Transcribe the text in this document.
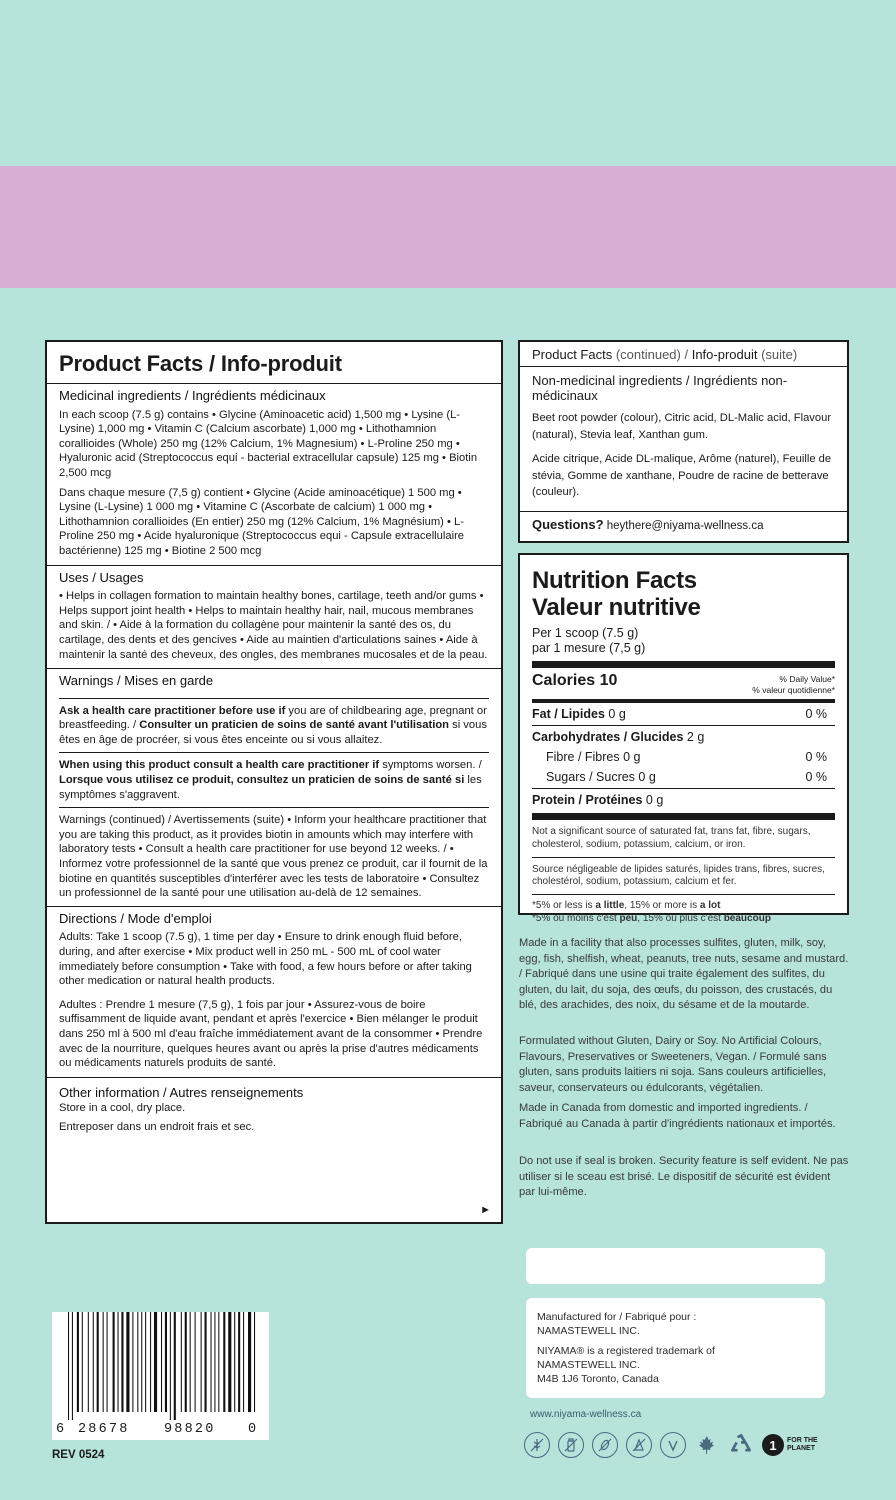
Product Facts / Info-produit
Medicinal ingredients / Ingrédients médicinaux
In each scoop (7.5 g) contains • Glycine (Aminoacetic acid) 1,500 mg • Lysine (L-Lysine) 1,000 mg • Vitamin C (Calcium ascorbate) 1,000 mg • Lithothamnion corallioides (Whole) 250 mg (12% Calcium, 1% Magnesium) • L-Proline 250 mg • Hyaluronic acid (Streptococcus equi - bacterial extracellular capsule) 125 mg • Biotin 2,500 mcg
Dans chaque mesure (7,5 g) contient • Glycine (Acide aminoacétique) 1 500 mg • Lysine (L-Lysine) 1 000 mg • Vitamine C (Ascorbate de calcium) 1 000 mg • Lithothamnion corallioides (En entier) 250 mg (12% Calcium, 1% Magnésium) • L-Proline 250 mg • Acide hyaluronique (Streptococcus equi - Capsule extracellulaire bactérienne) 125 mg • Biotine 2 500 mcg
Uses / Usages
• Helps in collagen formation to maintain healthy bones, cartilage, teeth and/or gums • Helps support joint health • Helps to maintain healthy hair, nail, mucous membranes and skin. / • Aide à la formation du collagène pour maintenir la santé des os, du cartilage, des dents et des gencives • Aide au maintien d'articulations saines • Aide à maintenir la santé des cheveux, des ongles, des membranes mucosales et de la peau.
Warnings / Mises en garde
Ask a health care practitioner before use if you are of childbearing age, pregnant or breastfeeding. / Consulter un praticien de soins de santé avant l'utilisation si vous êtes en âge de procréer, si vous êtes enceinte ou si vous allaitez.
When using this product consult a health care practitioner if symptoms worsen. / Lorsque vous utilisez ce produit, consultez un praticien de soins de santé si les symptômes s'aggravent.
Warnings (continued) / Avertissements (suite) • Inform your healthcare practitioner that you are taking this product, as it provides biotin in amounts which may interfere with laboratory tests • Consult a health care practitioner for use beyond 12 weeks. / • Informez votre professionnel de la santé que vous prenez ce produit, car il fournit de la biotine en quantités susceptibles d'interférer avec les tests de laboratoire • Consultez un professionnel de la santé pour une utilisation au-delà de 12 semaines.
Directions / Mode d'emploi
Adults: Take 1 scoop (7.5 g), 1 time per day • Ensure to drink enough fluid before, during, and after exercise • Mix product well in 250 mL - 500 mL of cool water immediately before consumption • Take with food, a few hours before or after taking other medication or natural health products.
Adultes : Prendre 1 mesure (7,5 g), 1 fois par jour • Assurez-vous de boire suffisamment de liquide avant, pendant et après l'exercice • Bien mélanger le produit dans 250 ml à 500 ml d'eau fraîche immédiatement avant de la consommer • Prendre avec de la nourriture, quelques heures avant ou après la prise d'autres médicaments ou médicaments naturels produits de santé.
Other information / Autres renseignements
Store in a cool, dry place.
Entreposer dans un endroit frais et sec.
►
Product Facts (continued) / Info-produit (suite)
Non-medicinal ingredients / Ingrédients non-médicinaux
Beet root powder (colour), Citric acid, DL-Malic acid, Flavour (natural), Stevia leaf, Xanthan gum.
Acide citrique, Acide DL-malique, Arôme (naturel), Feuille de stévia, Gomme de xanthane, Poudre de racine de betterave (couleur).
Questions? heythere@niyama-wellness.ca
Nutrition Facts
Valeur nutritive
Per 1 scoop (7.5 g)
par 1 mesure (7,5 g)
Calories 10	% Daily Value*
% valeur quotidienne*
Fat / Lipides 0 g	0 %
Carbohydrates / Glucides 2 g
Fibre / Fibres 0 g	0 %
Sugars / Sucres 0 g	0 %
Protein / Protéines 0 g
Not a significant source of saturated fat, trans fat, fibre, sugars, cholesterol, sodium, potassium, calcium, or iron.
Source négligeable de lipides saturés, lipides trans, fibres, sucres, cholestérol, sodium, potassium, calcium et fer.
*5% or less is a little, 15% or more is a lot
*5% ou moins c'est peu, 15% ou plus c'est beaucoup
Made in a facility that also processes sulfites, gluten, milk, soy, egg, fish, shelfish, wheat, peanuts, tree nuts, sesame and mustard. / Fabriqué dans une usine qui traite également des sulfites, du gluten, du lait, du soja, des œufs, du poisson, des crustacés, du blé, des arachides, des noix, du sésame et de la moutarde.
Formulated without Gluten, Dairy or Soy. No Artificial Colours, Flavours, Preservatives or Sweeteners, Vegan. / Formulé sans gluten, sans produits laitiers ni soja. Sans couleurs artificielles, saveur, conservateurs ou édulcorants, végétalien.
Made in Canada from domestic and imported ingredients. / Fabriqué au Canada à partir d'ingrédients nationaux et importés.
Do not use if seal is broken. Security feature is self evident. Ne pas utiliser si le sceau est brisé. Le dispositif de sécurité est évident par lui-même.
Manufactured for / Fabriqué pour :
NAMASTEWELL INC.
NIYAMA® is a registered trademark of
NAMASTEWELL INC.
M4B 1J6 Toronto, Canada
www.niyama-wellness.ca
1	FOR THE
PLANET
6 28678	98820 0
REV 0524
